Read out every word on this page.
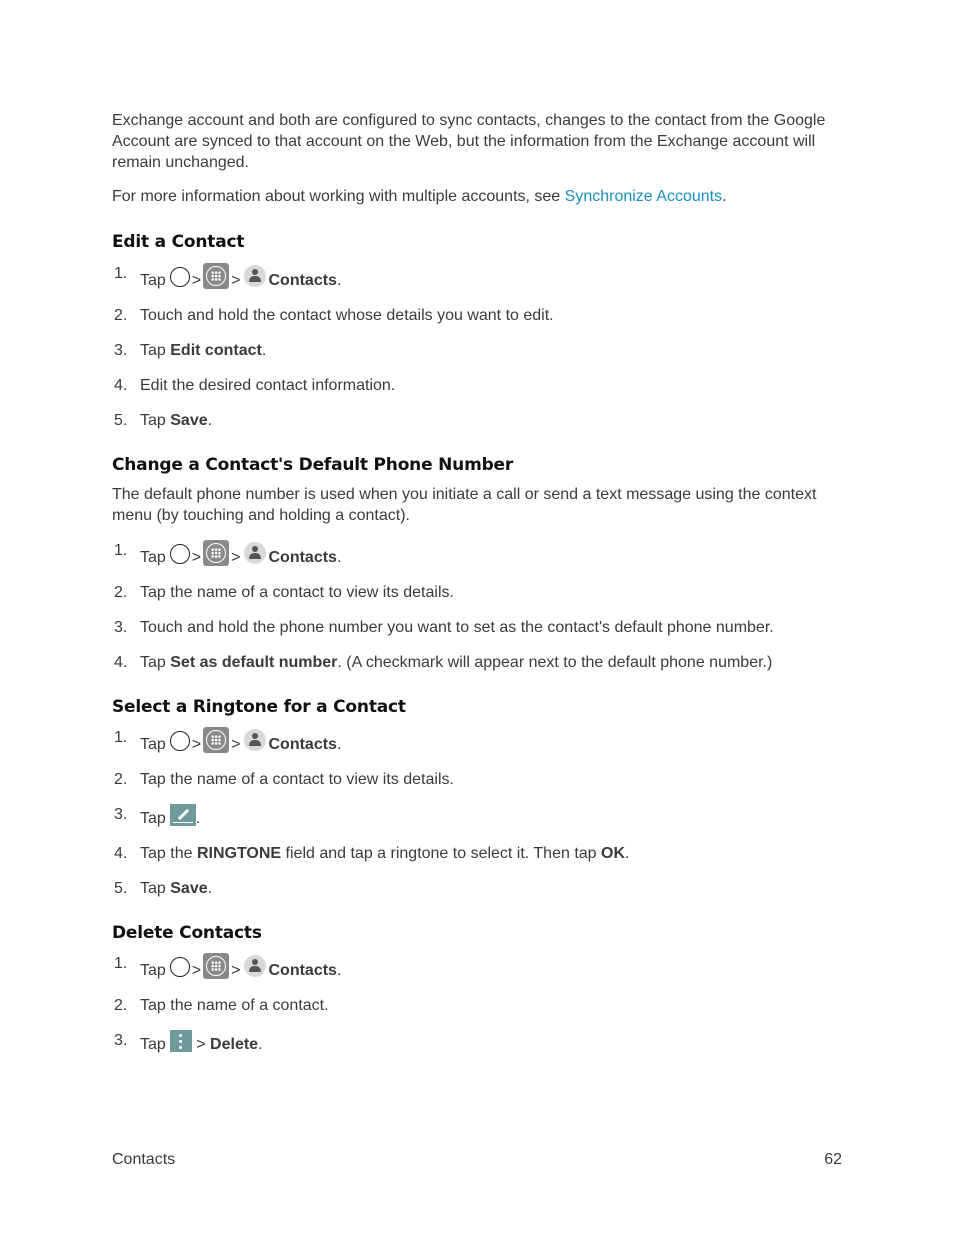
Exchange account and both are configured to sync contacts, changes to the contact from the Google Account are synced to that account on the Web, but the information from the Exchange account will remain unchanged.

For more information about working with multiple accounts, see Synchronize Accounts.

Edit a Contact
1. Tap > > Contacts.
2. Touch and hold the contact whose details you want to edit.
3. Tap Edit contact.
4. Edit the desired contact information.
5. Tap Save.
Change a Contact's Default Phone Number

The default phone number is used when you initiate a call or send a text message using the context menu (by touching and holding a contact).

1. Tap > > Contacts.
2. Tap the name of a contact to view its details.
3. Touch and hold the phone number you want to set as the contact's default phone number.
4. Tap Set as default number. (A checkmark will appear next to the default phone number.)
Select a Ringtone for a Contact
1. Tap > > Contacts.
2. Tap the name of a contact to view its details.
3. Tap .
4. Tap the RINGTONE field and tap a ringtone to select it. Then tap OK.
5. Tap Save.
Delete Contacts
1. Tap > > Contacts.
2. Tap the name of a contact.
3. Tap > Delete.
Contacts	62
